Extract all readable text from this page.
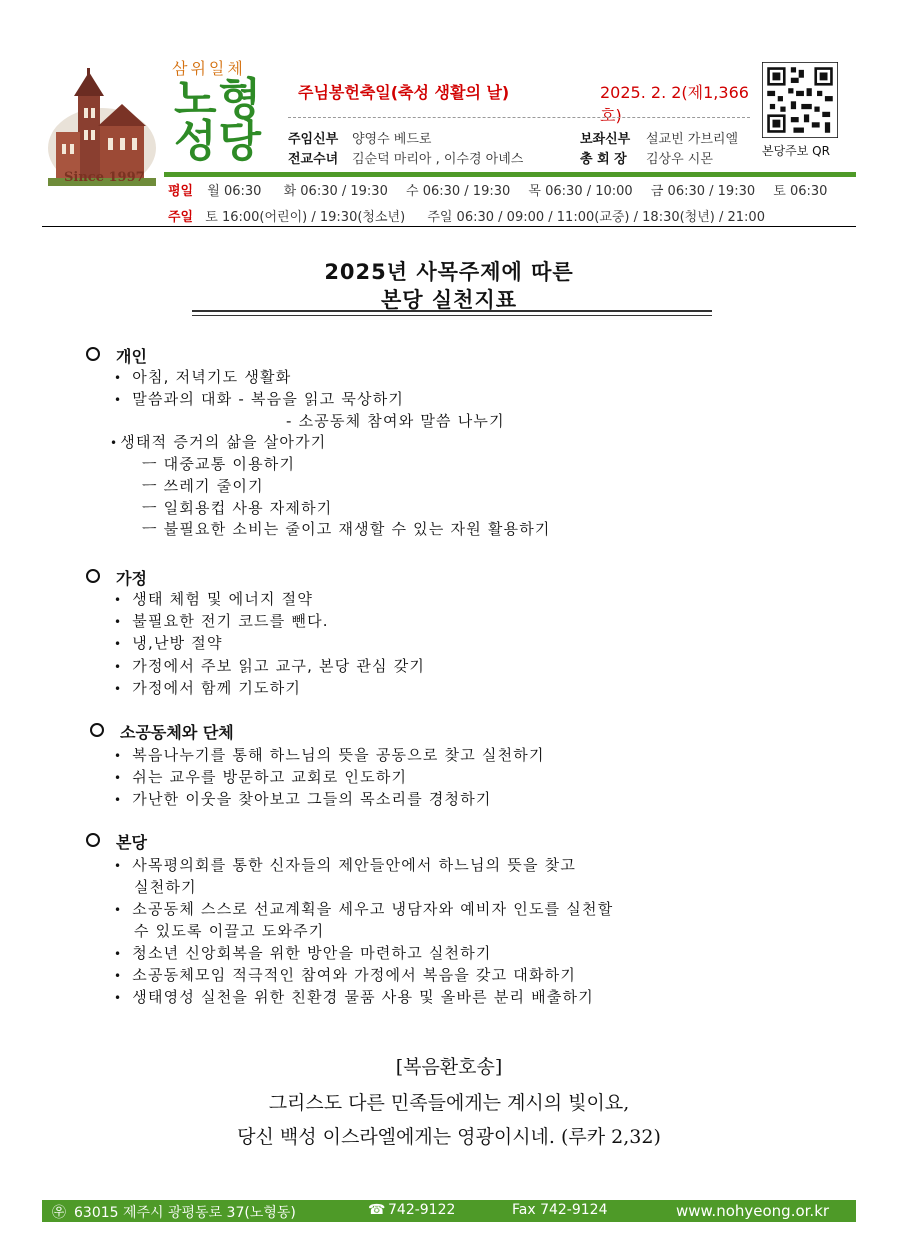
Since 1997
삼위일체
노형
성당
주님봉헌축일(축성 생활의 날)	2025. 2. 2(제1,366호)
주임신부 양영수 베드로	보좌신부 설교빈 가브리엘
전교수녀 김순덕 마리아 , 이수경 아녜스	총 회 장 김상우 시몬
본당주보 QR
평일 월 06:30 화 06:30 / 19:30 수 06:30 / 19:30 목 06:30 / 10:00 금 06:30 / 19:30 토 06:30
주일 토 16:00(어린이) / 19:30(청소년) 주일 06:30 / 09:00 / 11:00(교중) / 18:30(청년) / 21:00
2025년 사목주제에 따른
본당 실천지표
개인
• 아침, 저녁기도 생활화
• 말씀과의 대화 - 복음을 읽고 묵상하기
- 소공동체 참여와 말씀 나누기
• 생태적 증거의 삶을 살아가기
ㅡ 대중교통 이용하기
ㅡ 쓰레기 줄이기
ㅡ 일회용컵 사용 자제하기
ㅡ 불필요한 소비는 줄이고 재생할 수 있는 자원 활용하기
가정
• 생태 체험 및 에너지 절약
• 불필요한 전기 코드를 뺀다.
• 냉,난방 절약
• 가정에서 주보 읽고 교구, 본당 관심 갖기
• 가정에서 함께 기도하기
소공동체와 단체
• 복음나누기를 통해 하느님의 뜻을 공동으로 찾고 실천하기
• 쉬는 교우를 방문하고 교회로 인도하기
• 가난한 이웃을 찾아보고 그들의 목소리를 경청하기
본당
• 사목평의회를 통한 신자들의 제안들안에서 하느님의 뜻을 찾고
실천하기
• 소공동체 스스로 선교계획을 세우고 냉담자와 예비자 인도를 실천할
수 있도록 이끌고 도와주기
• 청소년 신앙회복을 위한 방안을 마련하고 실천하기
• 소공동체모임 적극적인 참여와 가정에서 복음을 갖고 대화하기
• 생태영성 실천을 위한 친환경 물품 사용 및 올바른 분리 배출하기
[복음환호송]
그리스도 다른 민족들에게는 계시의 빛이요,
당신 백성 이스라엘에게는 영광이시네. (루카 2,32)
㉾ 63015 제주시 광평동로 37(노형동)	☎ 742-9122	Fax 742-9124	www.nohyeong.or.kr
